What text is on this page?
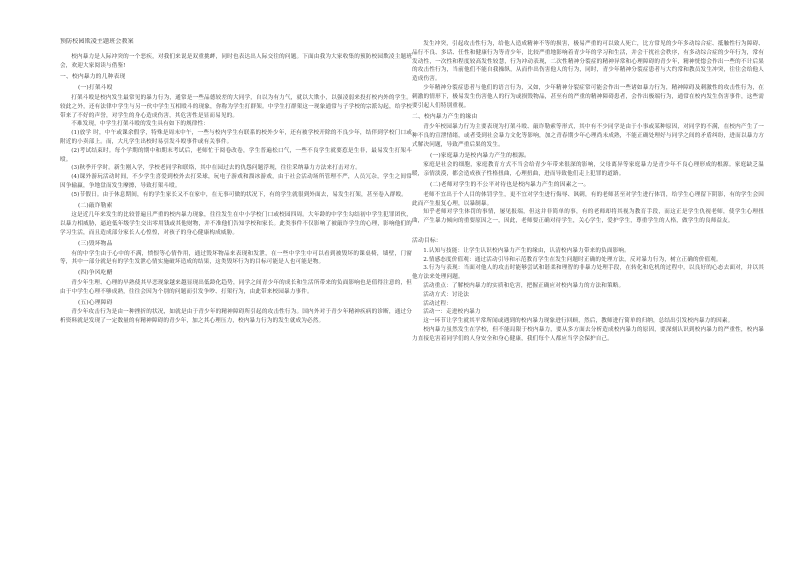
预防校园欺凌主题班会教案

校内暴力是人际冲突的一个恶疾，对我们来说是双重挑衅，同时也表达出人际交往的问题。下面由我为大家收集的预防校园欺凌主题班会，欢迎大家阅读与借鉴!

一、校内暴力的几种表现
(一)打架斗殴

打架斗殴是校内发生最常见的暴力行为，通常是一些品德较差的大同学，自以为有力气，就以大欺小，以强凌弱来投打校内外的学生。较此之外，还有法律中学生与另一伙中学生互相殴斗的现象，你称为学生打群架。中学生打群架这一现象通常与子学校的宗派勾起，给学校带来了不好的声誉，对学生的身心造成伤害，其危害性是显而易见的。

不难发现，中学生打架斗殴的发生具有如下的规律性：

(1)放学 时，中午或课余假学，特殊是周末中午，一些与校内学生有联系的校外少年，还有被学校开除的不良少年，结伴到学校门口或附近的小卖部上。而，大凡学生出校时易引发斗殴事件或有关事件。

(2)考试结束时。每个学期的期中和期末考试后，老师忙于阅卷改卷，学生普遍松口气，一些不良学生就要惹是生非，最易发生打架斗殴。

(3)秋季开学时。新生刚入学，学校老同学和联络，其中在园过去的仇怨问题浮现，往往采纳暴力方法来打击对方。

(4)课外游玩活动时间，不少学生喜爱到校外去打采球，玩电子游戏和溜冰游戏，由于社会活动场所管理不严，人员冗杂，学生之间常因争输赢，争地盘而发生摩擦，导致打架斗殴。

(5)节假日。由于休息期间，有的学生家长又不在家中，在无事可做的状况下，有的学生就很到外面去，易发生打架，甚至卷入群殴。

(二)敲诈勒索

这是近几年来发生的比较普遍且严重的校内暴力现象，往往发生在中小学校门口或校园四周。大年龄的中学生勾结初中学生犯罪团伙，以暴力相威胁，逼迫低年级学生交出零用钱或其他财物，并不准他们告知学校和家长。此类事件不仅影响了被敲诈学生的心理，影响他们的学习生活，而且造成部分家长人心惶惶，对孩子的身心健康构成威胁。

(三)毁坏物品

有的中学生由于心中的不满，愤恨等心情作用，通过毁坏物品来表现和发泄，在一些中学生中可以看到被毁坏的课桌椅，墙壁，门窗等，其中一部分就是有的学生发泄心情实施破坏造成的结果，这类毁坏行为的目标可能是人也可能是物。

(四)争风吃醋

青少年生理、心理的早熟使其早恋现象越来越显现出低龄化趋势，同学之间青少年的成长和生活所带来的负面影响也是值得注意的，但由于中学生心理不够成熟，往往会因为个别的问题而引发争吵、打架行为，由此带来校园暴力事件。

(五)心理障碍

青少年攻击行为是由一种挫折的状况，如就是由于青少年的精神障碍所引起的攻击性行为。国内外对于青少年精神疾病的诊断，通过分析资料就是发现了一定数量的有精神障碍的青少年，加之其心理压力，校内暴力行为的发生就成为必然。

发生冲突，引起攻击性行为，给他人造成精神不等的损害，极易严重的可以致人死亡，比方常见的少年多动综合症、抵触性行为障碍、品行不良、多话、任性和健康行为等青少年，比较严重地影响着青少年的学习和生活，并会干扰社会秩序，有多动综合症的少年行为，常有发动性，一次性和程度较高发性较慧，行为冲动表现，二次性精神分裂症的精神异常和心理障碍的青少年，精神恍惚会作出一些的不计后果的攻击性行为，当前他们不能自我操纵，从而作出伤害他人的行为，同时，青少年精神分裂症患者与大约常和教员发生冲突，往往会给他人造成伤害。

少年精神分裂症患者与他们的语言行为，又如，少年精神分裂症常可能会作出一些诸如暴力行为，精神障碍及刺激性的攻击性行为，在刺激的情形下，极易发生伤害他人的行为或损毁物品，甚至有的严重的精神障碍患者，会作出极端行为，通常在校内发生伤害事件，这些需要引起人们特别重视。

二、校内暴力产生的缘由

青少年校园暴力行为主要表现为打架斗殴、敲诈勒索等形式，其中有不少同学是由于小事或某种原因，对同学的不满，在校内产生了一种不良的宣泄情绪，或者受到社会暴力文化等影响，加之青春期少年心理尚未成熟，不能正确处理好与同学之间的矛盾纠纷，进而以暴力方式解决问题，导致严重后果的发生。

(一)家庭暴力是校内暴力产生的根源。

家庭是社会的细胞，家庭教育方式不当会给青少年带来很深的影响，父母离异等家庭暴力是青少年不良心理形成的根源。家庭缺乏温暖，亲情淡漠，都会造成孩子性格扭曲，心理扭曲，进而导致他们走上犯罪的道路。

(二)老师对学生的不公平对待也是校内暴力产生的因素之一。

老师不宜出于个人目的体罚学生，更不宜对学生进行侮辱、讽刺，有的老师甚至对学生进行体罚，给学生心理留下阴影，有的学生会因此而产生报复心理，以暴制暴。

知乎老师对学生体罚的事情，屡见报端，但这并非简单的事，有的老师却将其视为教育手段，而这正是学生仇视老师，使学生心理扭曲，产生暴力倾向的重要原因之一，因此，老师要正确对待学生，关心学生，爱护学生，尊重学生的人格，做学生的良师益友。

活动目标：

1.认知与技能：让学生认识校内暴力产生的缘由，认清校内暴力带来的负面影响。

2.情感态度价值观：通过活动引导和示范教育学生在发生问题时正确的处理方法，反对暴力行为，树立正确的价值观。

3.行为与表现：当面对他人的攻击时能够尝试和谐柔和理智的非暴力处理手段，在转化和危机的过程中，以良好的心态去面对，并以其他方法来处理问题。

活动重点：了解校内暴力的实质和危害，把握正确应对校内暴力的方法和策略。

活动方式：讨论法

活动过程：

活动一：走进校内暴力

这一环节让学生就其平常所闻或遇到的校内暴力现象进行回顾，然后，教师进行简单的归纳，总结出引发校内暴力的因素。

校内暴力虽然发生在学校，但不能局限于校内暴力，要从多方面去分析造成校内暴力的原因，要深刻认识到校内暴力的严重性，校内暴力直接危害着同学们的人身安全和身心健康，我们每个人都应当学会保护自己。
